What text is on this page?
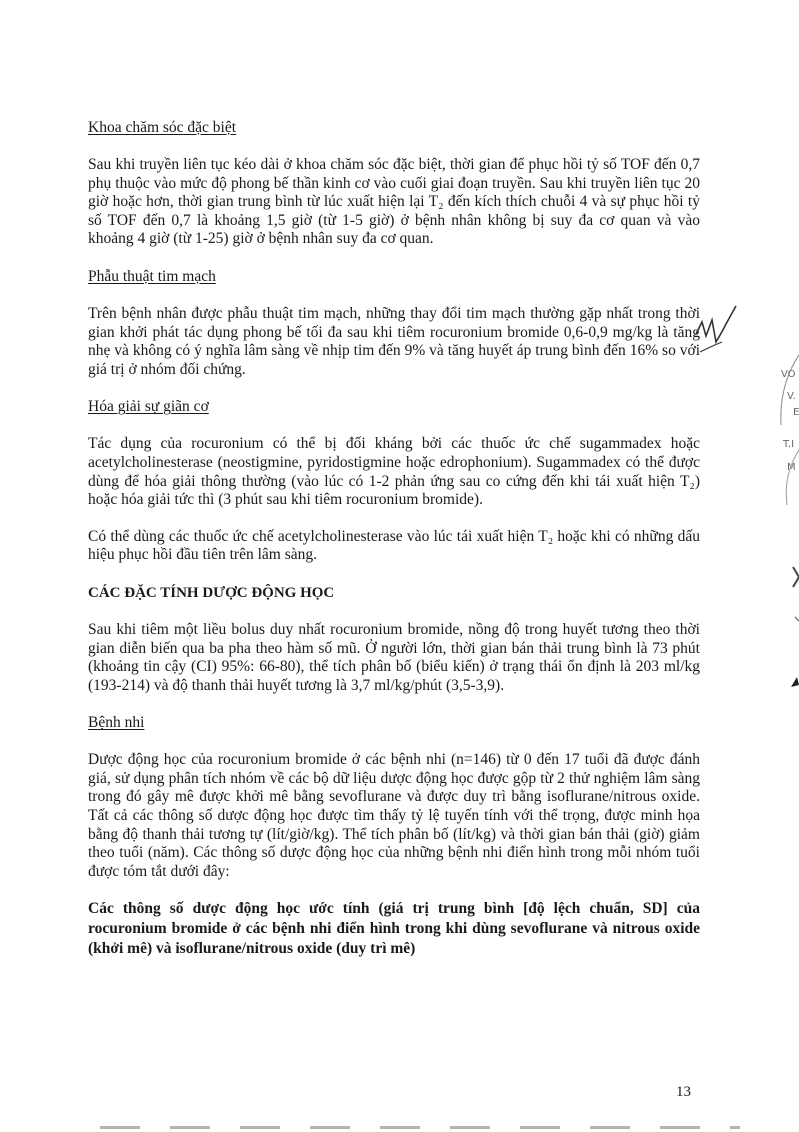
Khoa chăm sóc đặc biệt

Sau khi truyền liên tục kéo dài ở khoa chăm sóc đặc biệt, thời gian để phục hồi tỷ số TOF đến 0,7 phụ thuộc vào mức độ phong bế thần kinh cơ vào cuối giai đoạn truyền. Sau khi truyền liên tục 20 giờ hoặc hơn, thời gian trung bình từ lúc xuất hiện lại T₂ đến kích thích chuỗi 4 và sự phục hồi tỷ số TOF đến 0,7 là khoảng 1,5 giờ (từ 1-5 giờ) ở bệnh nhân không bị suy đa cơ quan và vào khoảng 4 giờ (từ 1-25) giờ ở bệnh nhân suy đa cơ quan.

Phẫu thuật tim mạch

Trên bệnh nhân được phẫu thuật tim mạch, những thay đổi tim mạch thường gặp nhất trong thời gian khởi phát tác dụng phong bế tối đa sau khi tiêm rocuronium bromide 0,6-0,9 mg/kg là tăng nhẹ và không có ý nghĩa lâm sàng về nhịp tim đến 9% và tăng huyết áp trung bình đến 16% so với giá trị ở nhóm đối chứng.

Hóa giải sự giãn cơ

Tác dụng của rocuronium có thể bị đối kháng bởi các thuốc ức chế sugammadex hoặc acetylcholinesterase (neostigmine, pyridostigmine hoặc edrophonium). Sugammadex có thể được dùng để hóa giải thông thường (vào lúc có 1-2 phản ứng sau co cứng đến khi tái xuất hiện T₂) hoặc hóa giải tức thì (3 phút sau khi tiêm rocuronium bromide).

Có thể dùng các thuốc ức chế acetylcholinesterase vào lúc tái xuất hiện T₂ hoặc khi có những dấu hiệu phục hồi đầu tiên trên lâm sàng.

CÁC ĐẶC TÍNH DƯỢC ĐỘNG HỌC

Sau khi tiêm một liều bolus duy nhất rocuronium bromide, nồng độ trong huyết tương theo thời gian diễn biến qua ba pha theo hàm số mũ. Ở người lớn, thời gian bán thải trung bình là 73 phút (khoảng tin cậy (CI) 95%: 66-80), thể tích phân bố (biểu kiến) ở trạng thái ổn định là 203 ml/kg (193-214) và độ thanh thải huyết tương là 3,7 ml/kg/phút (3,5-3,9).

Bệnh nhi

Dược động học của rocuronium bromide ở các bệnh nhi (n=146) từ 0 đến 17 tuổi đã được đánh giá, sử dụng phân tích nhóm về các bộ dữ liệu dược động học được gộp từ 2 thử nghiệm lâm sàng trong đó gây mê được khởi mê bằng sevoflurane và được duy trì bằng isoflurane/nitrous oxide. Tất cả các thông số dược động học được tìm thấy tỷ lệ tuyến tính với thể trọng, được minh họa bằng độ thanh thải tương tự (lít/giờ/kg). Thể tích phân bố (lít/kg) và thời gian bán thải (giờ) giảm theo tuổi (năm). Các thông số dược động học của những bệnh nhi điển hình trong mỗi nhóm tuổi được tóm tắt dưới đây:

Các thông số dược động học ước tính (giá trị trung bình [độ lệch chuẩn, SD] của rocuronium bromide ở các bệnh nhi điển hình trong khi dùng sevoflurane và nitrous oxide (khởi mê) và isoflurane/nitrous oxide (duy trì mê)

VO
V.
E
T.I
M
13
